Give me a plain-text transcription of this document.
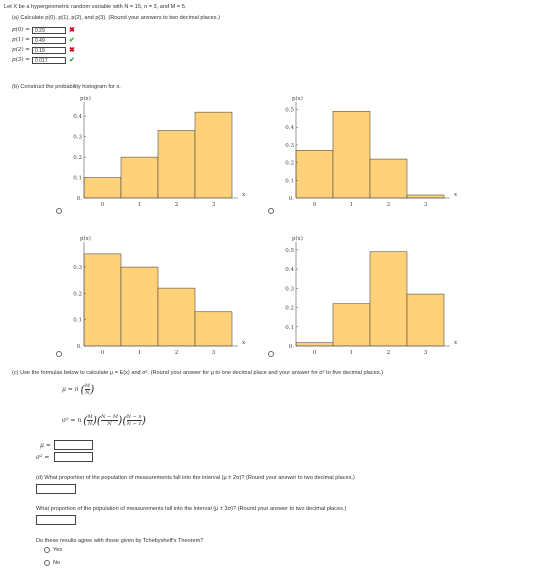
Let X be a hypergeometric random variable with N = 15, n = 3, and M = 5.
(a) Calculate p(0), p(1), p(2), and p(3). (Round your answers to two decimal places.)
p(0) =	0.29	✖
p(1) =	0.49	✔
p(2) =	0.19	✖
p(3) =	0.017	✔
(b) Construct the probability histogram for x.
p(x)
0.
0.1
0.2
0.3
0.4
0	1	2	3
x
p(x)
0.
0.1
0.2
0.3
0.4
0.5
0	1	2	3
x
p(x)
0.
0.1
0.2
0.3
0	1	2	3
x
p(x)
0.
0.1
0.2
0.3
0.4
0.5
0	1	2	3
x
(c) Use the formulas below to calculate μ = E(x) and σ². (Round your answer for μ to one decimal place and your answer for σ² to five decimal places.)
μ = n ( $\frac{M}{N}$ )
σ² = n ( $\frac{M}{N}$ )( $\frac{N - M}{N}$ )( $\frac{N - n}{N - 1}$ )
μ =
σ² =
(d) What proportion of the population of measurements fall into the interval (μ ± 2σ)? (Round your answer to two decimal places.)
What proportion of the population of measurements fall into the interval (μ ± 3σ)? (Round your answer to two decimal places.)
Do these results agree with those given by Tchebysheff's Theorem?
Yes
No
